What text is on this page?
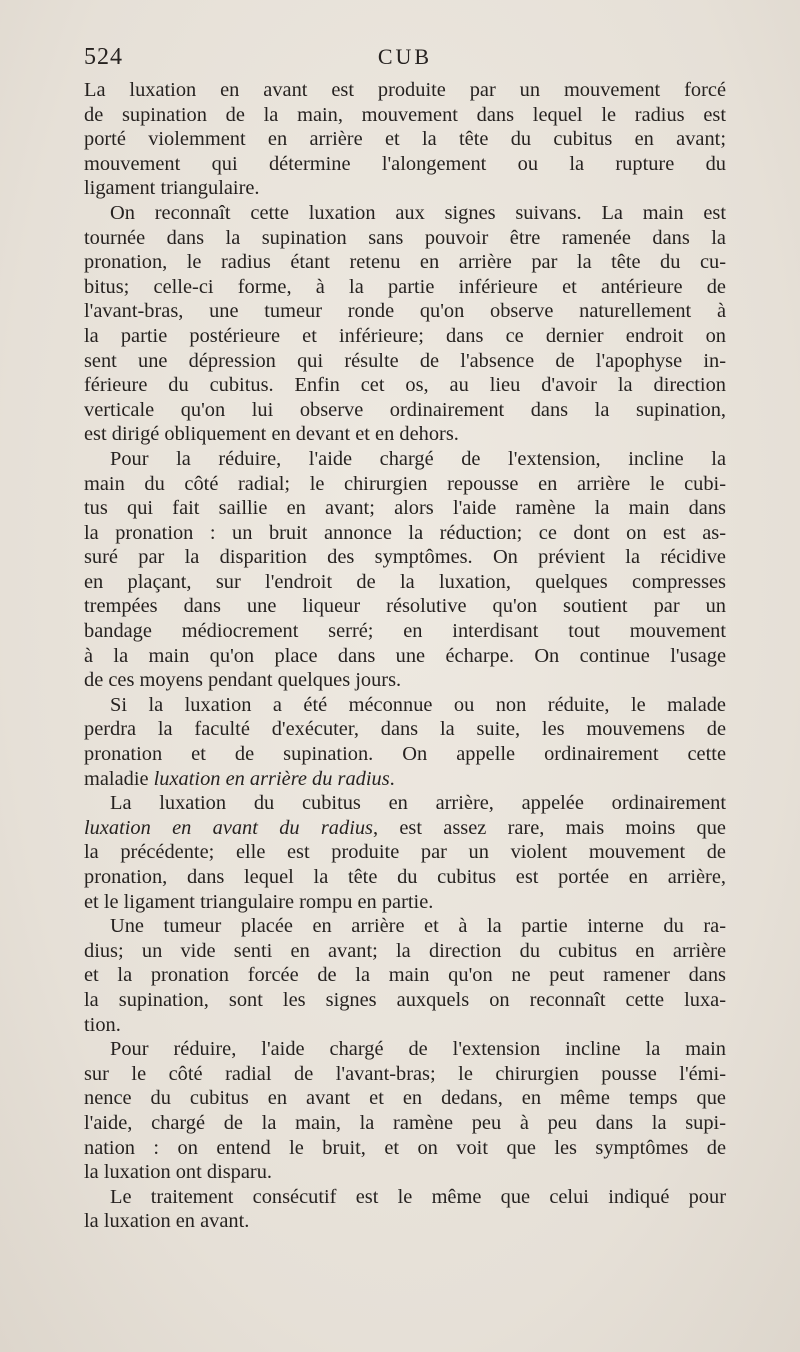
524	CUB
La luxation en avant est produite par un mouvement forcé
de supination de la main, mouvement dans lequel le radius est
porté violemment en arrière et la tête du cubitus en avant;
mouvement qui détermine l'alongement ou la rupture du
ligament triangulaire.
On reconnaît cette luxation aux signes suivans. La main est
tournée dans la supination sans pouvoir être ramenée dans la
pronation, le radius étant retenu en arrière par la tête du cu-
bitus; celle-ci forme, à la partie inférieure et antérieure de
l'avant-bras, une tumeur ronde qu'on observe naturellement à
la partie postérieure et inférieure; dans ce dernier endroit on
sent une dépression qui résulte de l'absence de l'apophyse in-
férieure du cubitus. Enfin cet os, au lieu d'avoir la direction
verticale qu'on lui observe ordinairement dans la supination,
est dirigé obliquement en devant et en dehors.
Pour la réduire, l'aide chargé de l'extension, incline la
main du côté radial; le chirurgien repousse en arrière le cubi-
tus qui fait saillie en avant; alors l'aide ramène la main dans
la pronation : un bruit annonce la réduction; ce dont on est as-
suré par la disparition des symptômes. On prévient la récidive
en plaçant, sur l'endroit de la luxation, quelques compresses
trempées dans une liqueur résolutive qu'on soutient par un
bandage médiocrement serré; en interdisant tout mouvement
à la main qu'on place dans une écharpe. On continue l'usage
de ces moyens pendant quelques jours.
Si la luxation a été méconnue ou non réduite, le malade
perdra la faculté d'exécuter, dans la suite, les mouvemens de
pronation et de supination. On appelle ordinairement cette
maladie luxation en arrière du radius.
La luxation du cubitus en arrière, appelée ordinairement
luxation en avant du radius, est assez rare, mais moins que
la précédente; elle est produite par un violent mouvement de
pronation, dans lequel la tête du cubitus est portée en arrière,
et le ligament triangulaire rompu en partie.
Une tumeur placée en arrière et à la partie interne du ra-
dius; un vide senti en avant; la direction du cubitus en arrière
et la pronation forcée de la main qu'on ne peut ramener dans
la supination, sont les signes auxquels on reconnaît cette luxa-
tion.
Pour réduire, l'aide chargé de l'extension incline la main
sur le côté radial de l'avant-bras; le chirurgien pousse l'émi-
nence du cubitus en avant et en dedans, en même temps que
l'aide, chargé de la main, la ramène peu à peu dans la supi-
nation : on entend le bruit, et on voit que les symptômes de
la luxation ont disparu.
Le traitement consécutif est le même que celui indiqué pour
la luxation en avant.
